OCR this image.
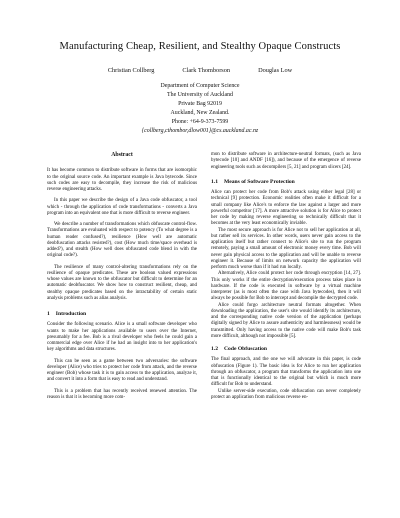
Manufacturing Cheap, Resilient, and Stealthy Opaque Constructs
Christian Collberg	Clark Thomborson	Douglas Low
Department of Computer Science
The University of Auckland
Private Bag 92019
Auckland, New Zealand.
Phone: +64-9-373-7599
{collberg,cthombor,dlow001}@cs.auckland.ac.nz
Abstract

It has become common to distribute software in forms that are isomorphic to the original source code. An important example is Java bytecode. Since such codes are easy to decompile, they increase the risk of malicious reverse engineering attacks.

In this paper we describe the design of a Java code obfuscator, a tool which - through the application of code transformations - converts a Java program into an equivalent one that is more difficult to reverse engineer.

We describe a number of transformations which obfuscate control-flow. Transformations are evaluated with respect to potency (To what degree is a human reader confused?), resilience (How well are automatic deobfuscation attacks resisted?), cost (How much time/space overhead is added?), and stealth (How well does obfuscated code blend in with the original code?).

The resilience of many control-altering transformations rely on the resilience of opaque predicates. These are boolean valued expressions whose values are known to the obfuscator but difficult to determine for an automatic deobfuscator. We show how to construct resilient, cheap, and stealthy opaque predicates based on the intractability of certain static analysis problems such as alias analysis.

1 Introduction

Consider the following scenario. Alice is a small software developer who wants to make her applications available to users over the Internet, presumably for a fee. Bob is a rival developer who feels he could gain a commercial edge over Alice if he had an insight into to her application's key algorithms and data structures.

This can be seen as a game between two adversaries: the software developer (Alice) who tries to protect her code from attack, and the reverse engineer (Bob) whose task it is to gain access to the application, analyze it, and convert it into a form that is easy to read and understand.

This is a problem that has recently received renewed attention. The reason is that it is becoming more com-

mon to distribute software in architecture-neutral formats, (such as Java bytecode [10] and ANDF [16]), and because of the emergence of reverse engineering tools such as decompilers [5, 21] and program slicers [24].

1.1 Means of Software Protection

Alice can protect her code from Bob's attack using either legal [28] or technical [9] protection. Economic realities often make it difficult for a small company like Alice's to enforce the law against a larger and more powerful competitor [17]. A more attractive solution is for Alice to protect her code by making reverse engineering so technically difficult that it becomes at the very least economically inviable.

The most secure approach is for Alice not to sell her application at all, but rather sell its services. In other words, users never gain access to the application itself but rather connect to Alice's site to run the program remotely, paying a small amount of electronic money every time. Bob will never gain physical access to the application and will be unable to reverse engineer it. Because of limits on network capacity the application will perform much worse than if it had run locally.

Alternatively, Alice could protect her code through encryption [14, 27]. This only works if the entire decryption/execution process takes place in hardware. If the code is executed in software by a virtual machine interpreter (as is most often the case with Java bytecodes), then it will always be possible for Bob to intercept and decompile the decrypted code.

Alice could forgo architecture neutral formats altogether. When downloading the application, the user's site would identify its architecture, and the corresponding native code version of the application (perhaps digitally signed by Alice to assure authenticity and harmlessness) would be transmitted. Only having access to the native code will make Bob's task more difficult, although not impossible [5].

1.2 Code Obfuscation

The final approach, and the one we will advocate in this paper, is code obfuscation (Figure 1). The basic idea is for Alice to run her application through an obfuscator, a program that transforms the application into one that is functionally identical to the original but which is much more difficult for Bob to understand.

Unlike server-side execution, code obfuscation can never completely protect an application from malicious reverse en-
